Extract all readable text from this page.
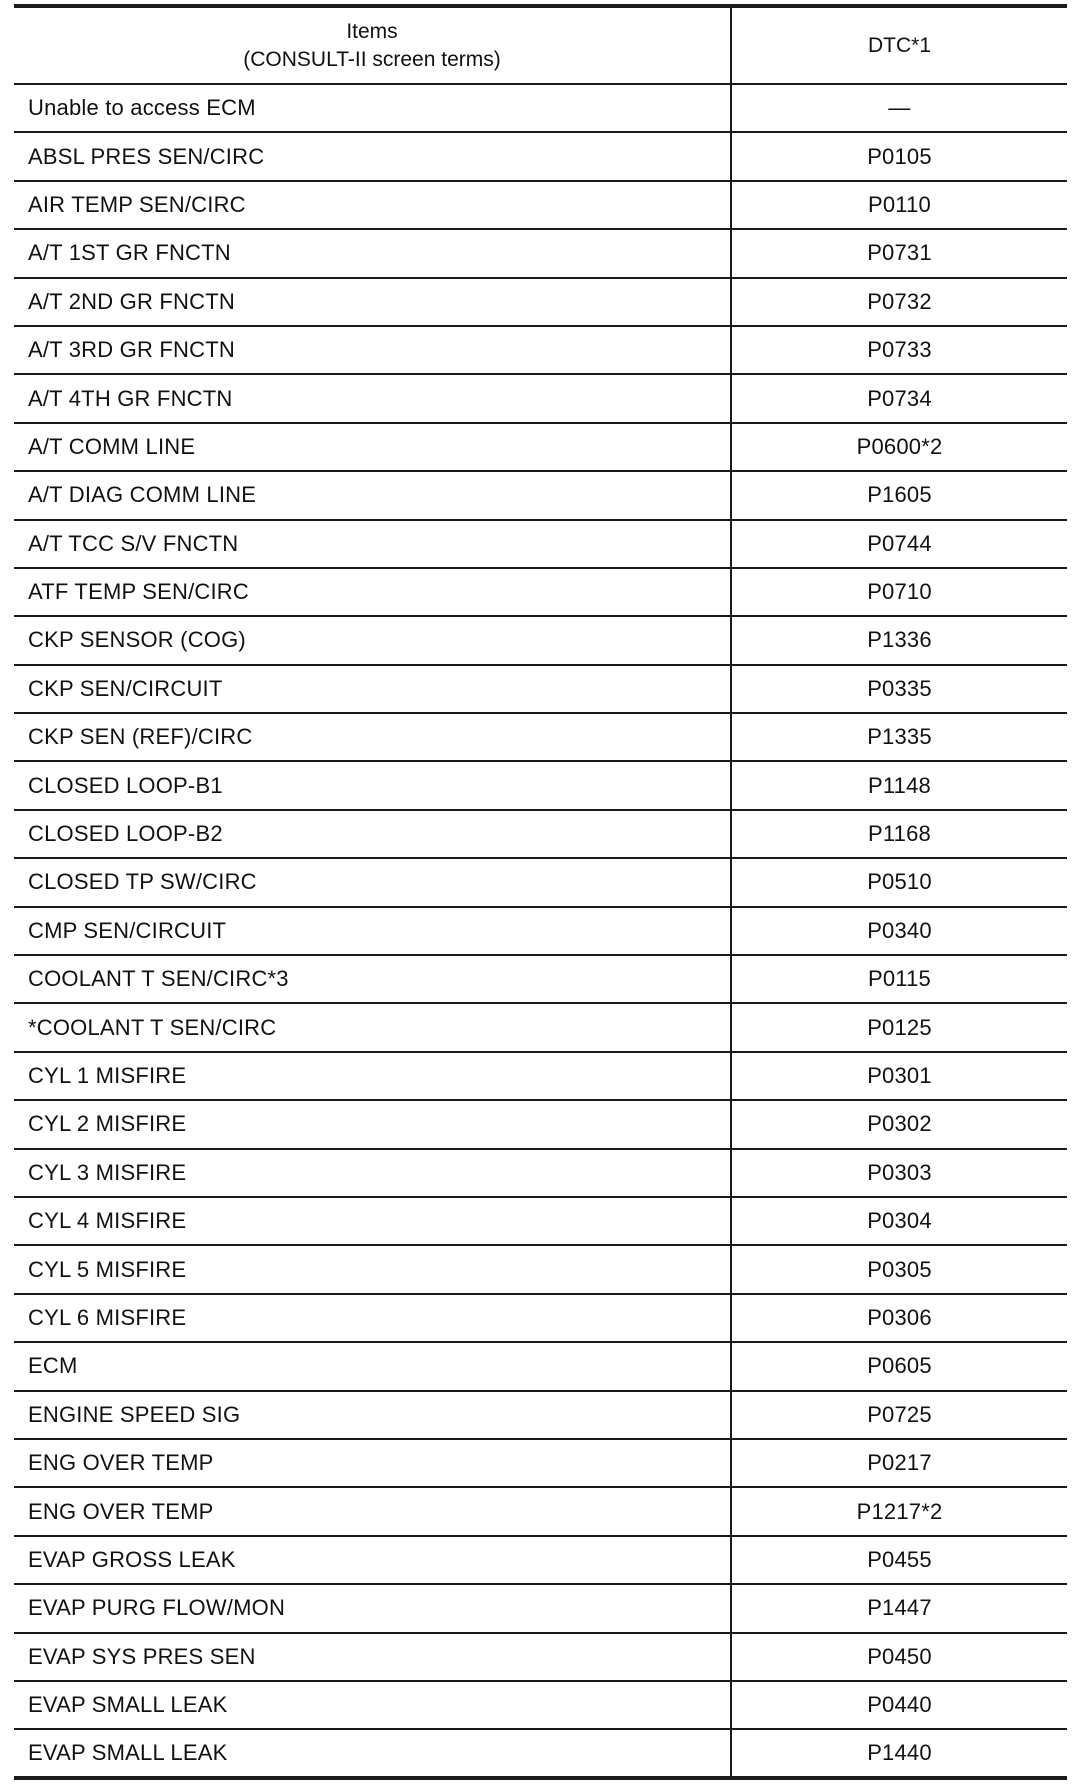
Items
(CONSULT-II screen terms)	DTC*1
Unable to access ECM	—
ABSL PRES SEN/CIRC	P0105
AIR TEMP SEN/CIRC	P0110
A/T 1ST GR FNCTN	P0731
A/T 2ND GR FNCTN	P0732
A/T 3RD GR FNCTN	P0733
A/T 4TH GR FNCTN	P0734
A/T COMM LINE	P0600*2
A/T DIAG COMM LINE	P1605
A/T TCC S/V FNCTN	P0744
ATF TEMP SEN/CIRC	P0710
CKP SENSOR (COG)	P1336
CKP SEN/CIRCUIT	P0335
CKP SEN (REF)/CIRC	P1335
CLOSED LOOP-B1	P1148
CLOSED LOOP-B2	P1168
CLOSED TP SW/CIRC	P0510
CMP SEN/CIRCUIT	P0340
COOLANT T SEN/CIRC*3	P0115
*COOLANT T SEN/CIRC	P0125
CYL 1 MISFIRE	P0301
CYL 2 MISFIRE	P0302
CYL 3 MISFIRE	P0303
CYL 4 MISFIRE	P0304
CYL 5 MISFIRE	P0305
CYL 6 MISFIRE	P0306
ECM	P0605
ENGINE SPEED SIG	P0725
ENG OVER TEMP	P0217
ENG OVER TEMP	P1217*2
EVAP GROSS LEAK	P0455
EVAP PURG FLOW/MON	P1447
EVAP SYS PRES SEN	P0450
EVAP SMALL LEAK	P0440
EVAP SMALL LEAK	P1440
